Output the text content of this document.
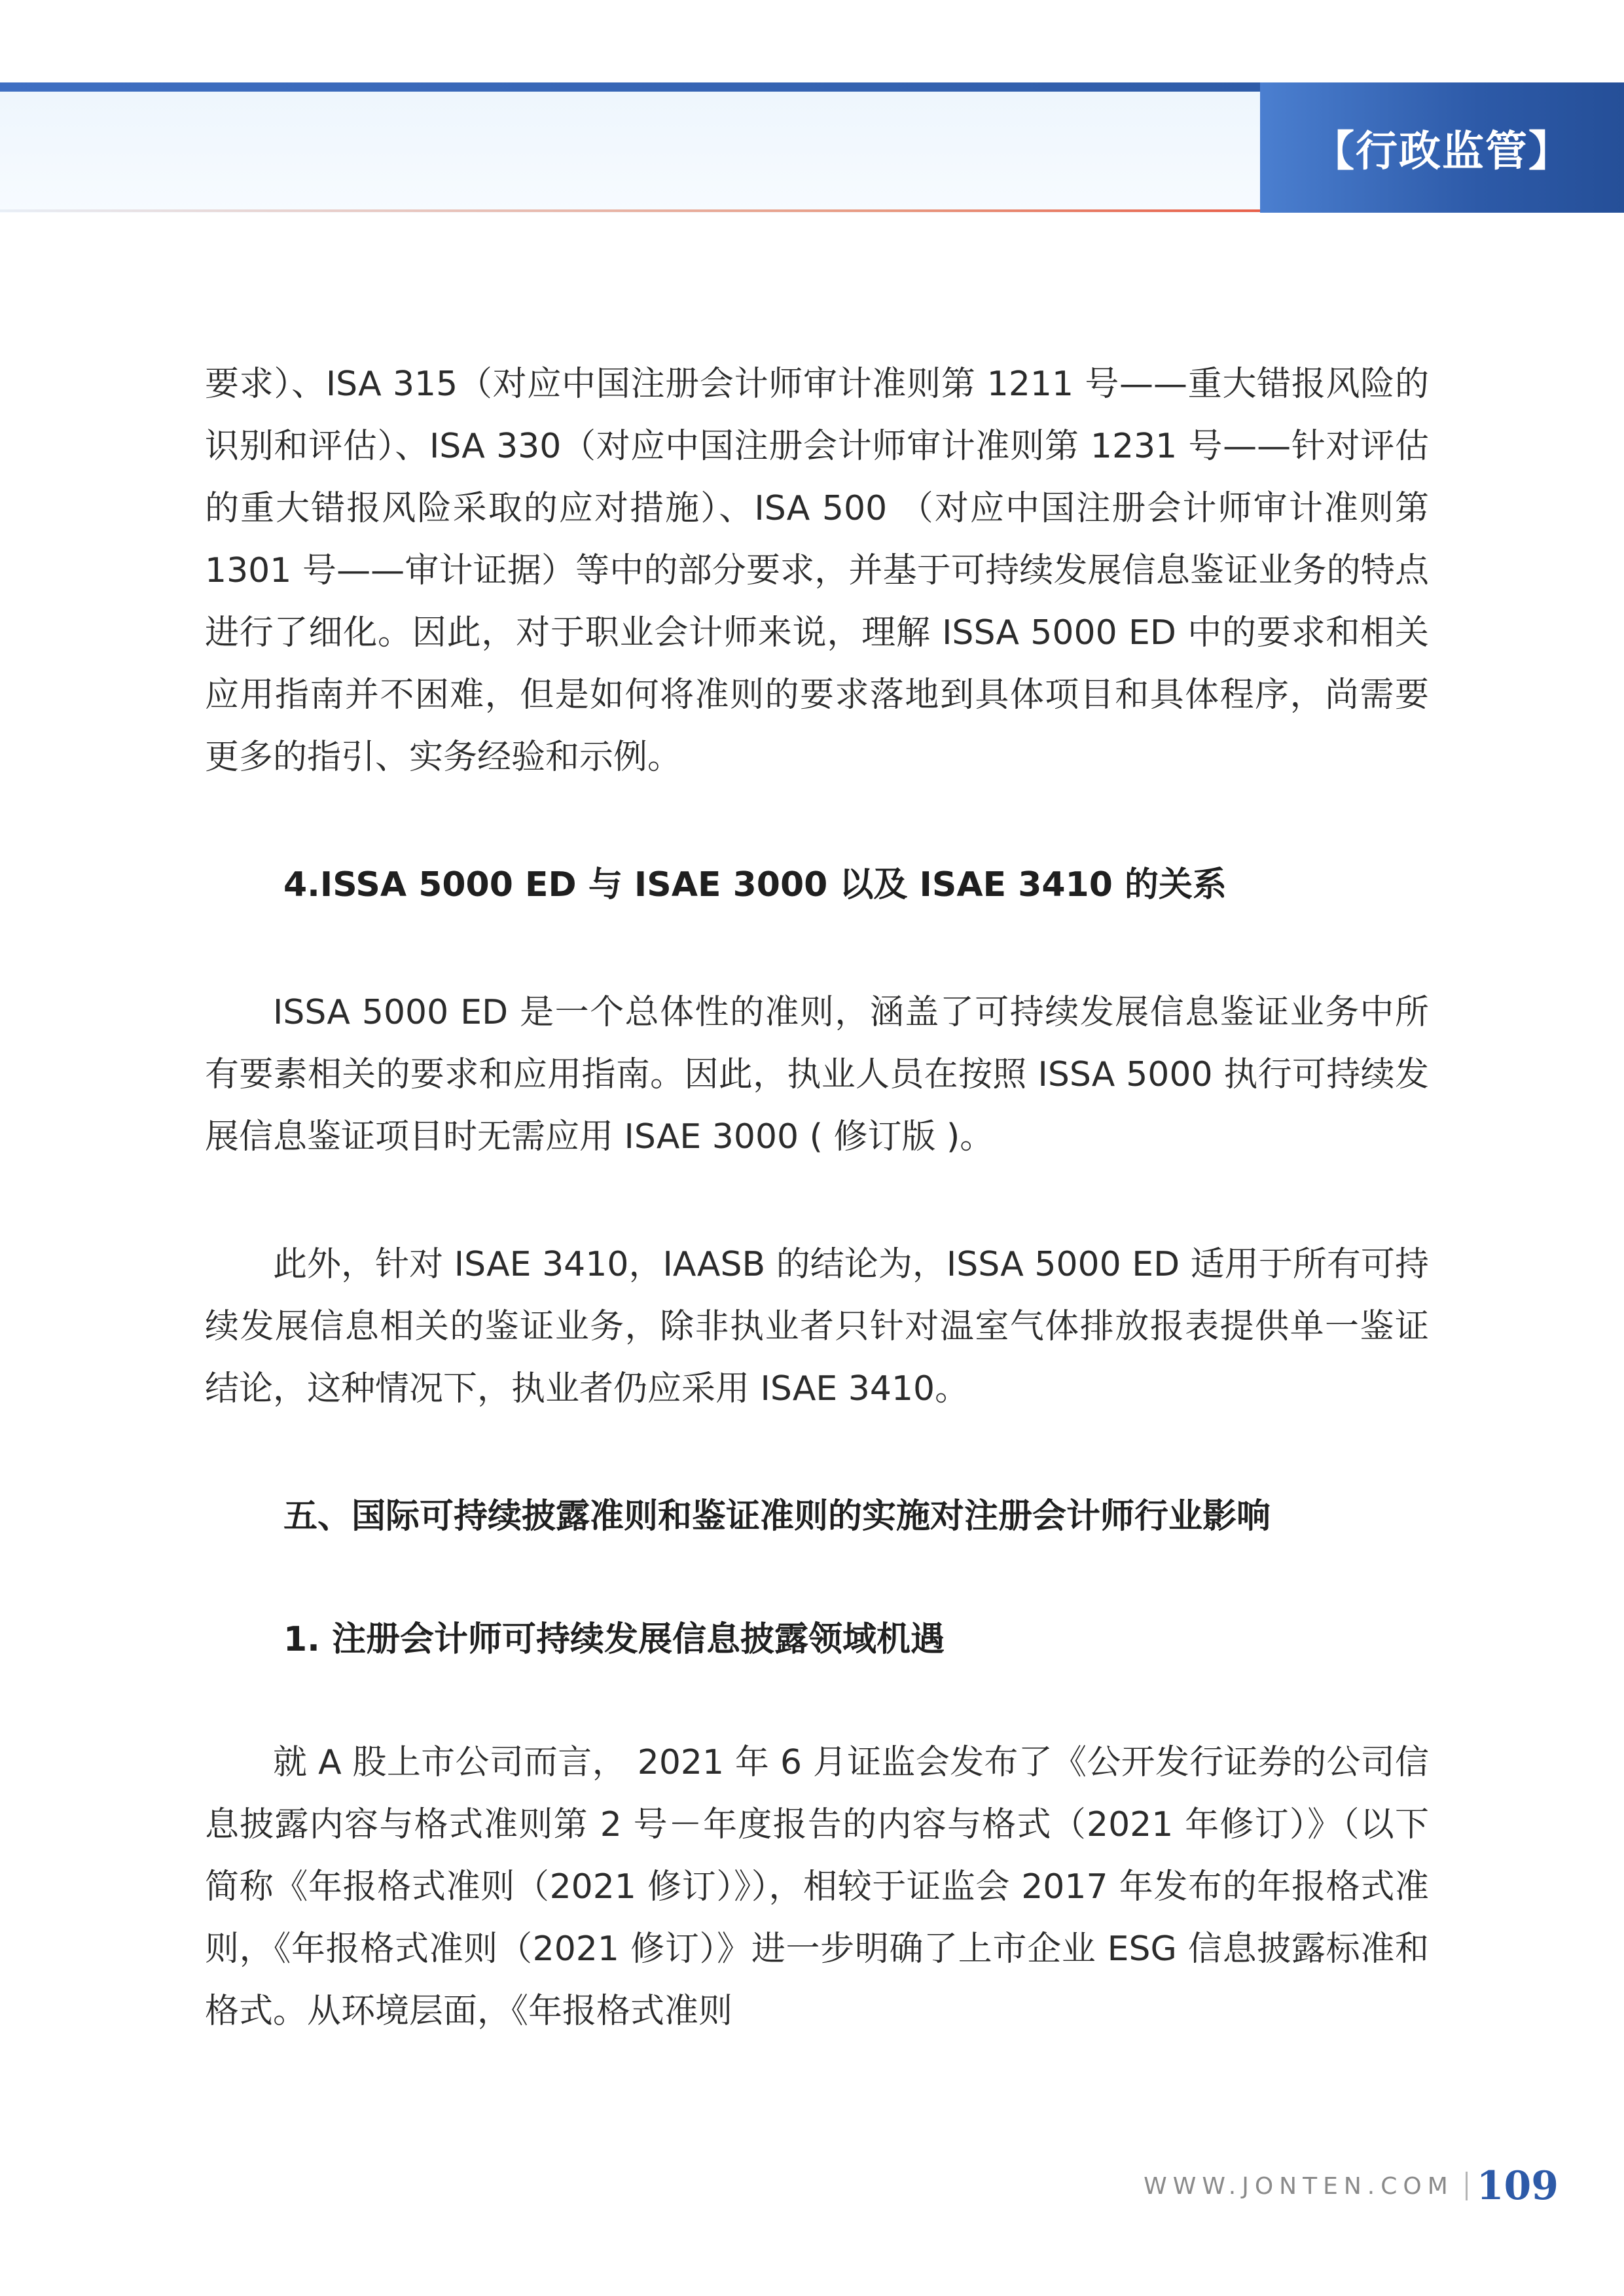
【行政监管】

要求）、ISA 315（对应中国注册会计师审计准则第 1211 号——重大错报风险的识别和评估）、ISA 330（对应中国注册会计师审计准则第 1231 号——针对评估的重大错报风险采取的应对措施）、ISA 500 （对应中国注册会计师审计准则第 1301 号——审计证据）等中的部分要求，并基于可持续发展信息鉴证业务的特点进行了细化。因此，对于职业会计师来说，理解 ISSA 5000 ED 中的要求和相关应用指南并不困难，但是如何将准则的要求落地到具体项目和具体程序，尚需要更多的指引、实务经验和示例。

4.ISSA 5000 ED 与 ISAE 3000 以及 ISAE 3410 的关系

ISSA 5000 ED 是一个总体性的准则，涵盖了可持续发展信息鉴证业务中所有要素相关的要求和应用指南。因此，执业人员在按照 ISSA 5000 执行可持续发展信息鉴证项目时无需应用 ISAE 3000 ( 修订版 )。

此外，针对 ISAE 3410，IAASB 的结论为，ISSA 5000 ED 适用于所有可持续发展信息相关的鉴证业务，除非执业者只针对温室气体排放报表提供单一鉴证结论，这种情况下，执业者仍应采用 ISAE 3410。

五、国际可持续披露准则和鉴证准则的实施对注册会计师行业影响
1. 注册会计师可持续发展信息披露领域机遇

就 A 股上市公司而言， 2021 年 6 月证监会发布了《公开发行证券的公司信息披露内容与格式准则第 2 号－年度报告的内容与格式（2021 年修订）》（以下简称《年报格式准则（2021 修订）》），相较于证监会 2017 年发布的年报格式准则，《年报格式准则（2021 修订）》进一步明确了上市企业 ESG 信息披露标准和格式。从环境层面，《年报格式准则

WWW.JONTEN.COM 109
